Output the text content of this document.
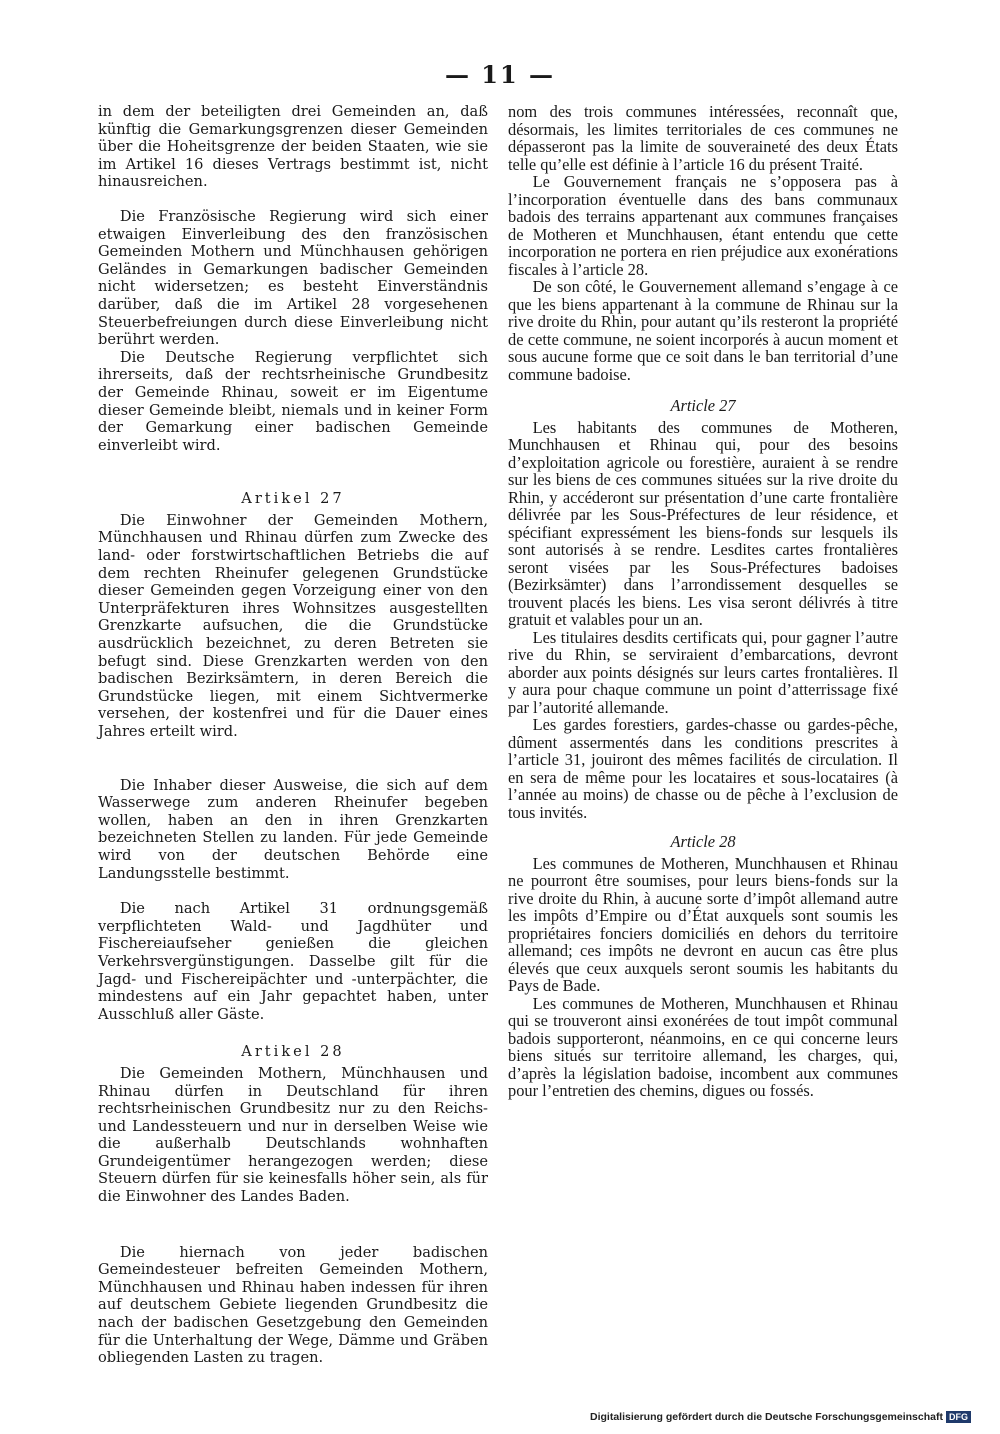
— 11 —

in dem der beteiligten drei Gemeinden an, daß künftig die Gemarkungsgrenzen dieser Gemeinden über die Hoheitsgrenze der beiden Staaten, wie sie im Artikel 16 dieses Vertrags bestimmt ist, nicht hinausreichen.

Die Französische Regierung wird sich einer etwaigen Einverleibung des den französischen Gemeinden Mothern und Münchhausen gehörigen Geländes in Gemarkungen badischer Gemeinden nicht widersetzen; es besteht Einverständnis darüber, daß die im Artikel 28 vorgesehenen Steuerbefreiungen durch diese Einverleibung nicht berührt werden.

Die Deutsche Regierung verpflichtet sich ihrerseits, daß der rechtsrheinische Grundbesitz der Gemeinde Rhinau, soweit er im Eigentume dieser Gemeinde bleibt, niemals und in keiner Form der Gemarkung einer badischen Gemeinde einverleibt wird.

Artikel 27

Die Einwohner der Gemeinden Mothern, Münchhausen und Rhinau dürfen zum Zwecke des land- oder forstwirtschaftlichen Betriebs die auf dem rechten Rheinufer gelegenen Grundstücke dieser Gemeinden gegen Vorzeigung einer von den Unterpräfekturen ihres Wohnsitzes ausgestellten Grenzkarte aufsuchen, die die Grundstücke ausdrücklich bezeichnet, zu deren Betreten sie befugt sind. Diese Grenzkarten werden von den badischen Bezirksämtern, in deren Bereich die Grundstücke liegen, mit einem Sichtvermerke versehen, der kostenfrei und für die Dauer eines Jahres erteilt wird.

Die Inhaber dieser Ausweise, die sich auf dem Wasserwege zum anderen Rheinufer begeben wollen, haben an den in ihren Grenzkarten bezeichneten Stellen zu landen. Für jede Gemeinde wird von der deutschen Behörde eine Landungsstelle bestimmt.

Die nach Artikel 31 ordnungsgemäß verpflichteten Wald- und Jagdhüter und Fischereiaufseher genießen die gleichen Verkehrsvergünstigungen. Dasselbe gilt für die Jagd- und Fischereipächter und -unterpächter, die mindestens auf ein Jahr gepachtet haben, unter Ausschluß aller Gäste.

Artikel 28

Die Gemeinden Mothern, Münchhausen und Rhinau dürfen in Deutschland für ihren rechtsrheinischen Grundbesitz nur zu den Reichs- und Landessteuern und nur in derselben Weise wie die außerhalb Deutschlands wohnhaften Grundeigentümer herangezogen werden; diese Steuern dürfen für sie keinesfalls höher sein, als für die Einwohner des Landes Baden.

Die hiernach von jeder badischen Gemeindesteuer befreiten Gemeinden Mothern, Münchhausen und Rhinau haben indessen für ihren auf deutschem Gebiete liegenden Grundbesitz die nach der badischen Gesetzgebung den Gemeinden für die Unterhaltung der Wege, Dämme und Gräben obliegenden Lasten zu tragen.

nom des trois communes intéressées, reconnaît que, désormais, les limites territoriales de ces communes ne dépasseront pas la limite de souveraineté des deux États telle qu’elle est définie à l’article 16 du présent Traité.

Le Gouvernement français ne s’opposera pas à l’incorporation éventuelle dans des bans communaux badois des terrains appartenant aux communes françaises de Motheren et Munchhausen, étant entendu que cette incorporation ne portera en rien préjudice aux exonérations fiscales à l’article 28.

De son côté, le Gouvernement allemand s’engage à ce que les biens appartenant à la commune de Rhinau sur la rive droite du Rhin, pour autant qu’ils resteront la propriété de cette commune, ne soient incorporés à aucun moment et sous aucune forme que ce soit dans le ban territorial d’une commune badoise.

Article 27

Les habitants des communes de Motheren, Munchhausen et Rhinau qui, pour des besoins d’exploitation agricole ou forestière, auraient à se rendre sur les biens de ces communes situées sur la rive droite du Rhin, y accéderont sur présentation d’une carte frontalière délivrée par les Sous-Préfectures de leur résidence, et spécifiant expressément les biens-fonds sur lesquels ils sont autorisés à se rendre. Lesdites cartes frontalières seront visées par les Sous-Préfectures badoises (Bezirksämter) dans l’arrondissement desquelles se trouvent placés les biens. Les visa seront délivrés à titre gratuit et valables pour un an.

Les titulaires desdits certificats qui, pour gagner l’autre rive du Rhin, se serviraient d’embarcations, devront aborder aux points désignés sur leurs cartes frontalières. Il y aura pour chaque commune un point d’atterrissage fixé par l’autorité allemande.

Les gardes forestiers, gardes-chasse ou gardes-pêche, dûment assermentés dans les conditions prescrites à l’article 31, jouiront des mêmes facilités de circulation. Il en sera de même pour les locataires et sous-locataires (à l’année au moins) de chasse ou de pêche à l’exclusion de tous invités.

Article 28

Les communes de Motheren, Munchhausen et Rhinau ne pourront être soumises, pour leurs biens-fonds sur la rive droite du Rhin, à aucune sorte d’impôt allemand autre les impôts d’Empire ou d’État auxquels sont soumis les propriétaires fonciers domiciliés en dehors du territoire allemand; ces impôts ne devront en aucun cas être plus élevés que ceux auxquels seront soumis les habitants du Pays de Bade.

Les communes de Motheren, Munchhausen et Rhinau qui se trouveront ainsi exonérées de tout impôt communal badois supporteront, néanmoins, en ce qui concerne leurs biens situés sur territoire allemand, les charges, qui, d’après la législation badoise, incombent aux communes pour l’entretien des chemins, digues ou fossés.

Digitalisierung gefördert durch die Deutsche Forschungsgemeinschaft DFG
